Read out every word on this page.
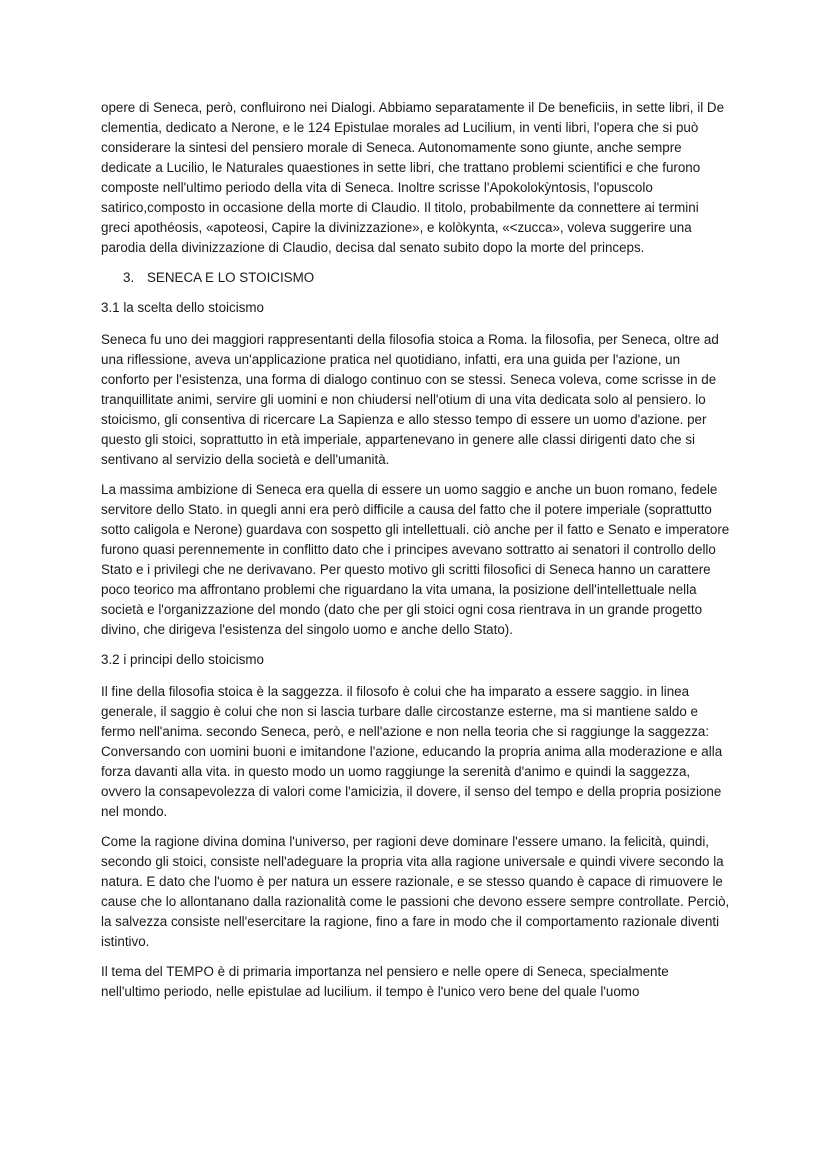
opere di Seneca, però, confluirono nei Dialogi. Abbiamo separatamente il De beneficiis, in sette libri, il De clementia, dedicato a Nerone, e le 124 Epistulae morales ad Lucilium, in venti libri, l'opera che si può considerare la sintesi del pensiero morale di Seneca. Autonomamente sono giunte, anche sempre dedicate a Lucilio, le Naturales quaestiones in sette libri, che trattano problemi scientifici e che furono composte nell'ultimo periodo della vita di Seneca. Inoltre scrisse l'Apokolokỳntosis, l'opuscolo satirico,composto in occasione della morte di Claudio. Il titolo, probabilmente da connettere ai termini greci apothéosis, «apoteosi, Capire la divinizzazione», e kolòkynta, «<zucca», voleva suggerire una parodia della divinizzazione di Claudio, decisa dal senato subito dopo la morte del princeps.

3. SENECA E LO STOICISMO

3.1 la scelta dello stoicismo

Seneca fu uno dei maggiori rappresentanti della filosofia stoica a Roma. la filosofia, per Seneca, oltre ad una riflessione, aveva un'applicazione pratica nel quotidiano, infatti, era una guida per l'azione, un conforto per l'esistenza, una forma di dialogo continuo con se stessi. Seneca voleva, come scrisse in de tranquillitate animi, servire gli uomini e non chiudersi nell'otium di una vita dedicata solo al pensiero. lo stoicismo, gli consentiva di ricercare La Sapienza e allo stesso tempo di essere un uomo d'azione. per questo gli stoici, soprattutto in età imperiale, appartenevano in genere alle classi dirigenti dato che si sentivano al servizio della società e dell'umanità.

La massima ambizione di Seneca era quella di essere un uomo saggio e anche un buon romano, fedele servitore dello Stato. in quegli anni era però difficile a causa del fatto che il potere imperiale (soprattutto sotto caligola e Nerone) guardava con sospetto gli intellettuali. ciò anche per il fatto e Senato e imperatore furono quasi perennemente in conflitto dato che i principes avevano sottratto ai senatori il controllo dello Stato e i privilegi che ne derivavano. Per questo motivo gli scritti filosofici di Seneca hanno un carattere poco teorico ma affrontano problemi che riguardano la vita umana, la posizione dell'intellettuale nella società e l'organizzazione del mondo (dato che per gli stoici ogni cosa rientrava in un grande progetto divino, che dirigeva l'esistenza del singolo uomo e anche dello Stato).

3.2 i principi dello stoicismo

Il fine della filosofia stoica è la saggezza. il filosofo è colui che ha imparato a essere saggio. in linea generale, il saggio è colui che non si lascia turbare dalle circostanze esterne, ma si mantiene saldo e fermo nell'anima. secondo Seneca, però, e nell'azione e non nella teoria che si raggiunge la saggezza: Conversando con uomini buoni e imitandone l'azione, educando la propria anima alla moderazione e alla forza davanti alla vita. in questo modo un uomo raggiunge la serenità d'animo e quindi la saggezza, ovvero la consapevolezza di valori come l'amicizia, il dovere, il senso del tempo e della propria posizione nel mondo.

Come la ragione divina domina l'universo, per ragioni deve dominare l'essere umano. la felicità, quindi, secondo gli stoici, consiste nell'adeguare la propria vita alla ragione universale e quindi vivere secondo la natura. E dato che l'uomo è per natura un essere razionale, e se stesso quando è capace di rimuovere le cause che lo allontanano dalla razionalità come le passioni che devono essere sempre controllate. Perciò, la salvezza consiste nell'esercitare la ragione, fino a fare in modo che il comportamento razionale diventi istintivo.

Il tema del TEMPO è di primaria importanza nel pensiero e nelle opere di Seneca, specialmente nell'ultimo periodo, nelle epistulae ad lucilium. il tempo è l'unico vero bene del quale l'uomo
